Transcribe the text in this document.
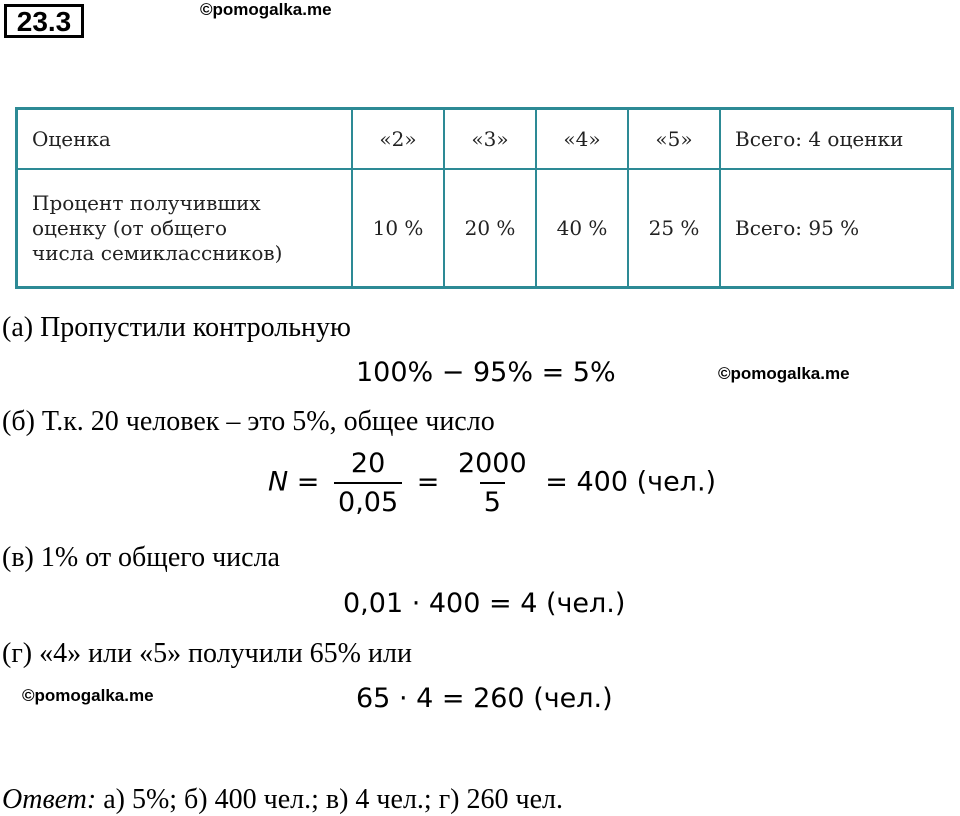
23.3	©pomogalka.me
Оценка	«2»	«3»	«4»	«5»	Всего: 4 оценки

Процент получивших
оценку (от общего
числа семиклассников)	10 %	20 %	40 %	25 %	Всего: 95 %
(а) Пропустили контрольную
100% − 95% = 5%	©pomogalka.me
(б) Т.к. 20 человек – это 5%, общее число
$N = \frac{20}{0,05} = \frac{2000}{5} = 400$ (чел.)
(в) 1% от общего числа
0,01 · 400 = 4 (чел.)
(г) «4» или «5» получили 65% или
©pomogalka.me	65 · 4 = 260 (чел.)
Ответ: а) 5%; б) 400 чел.; в) 4 чел.; г) 260 чел.
